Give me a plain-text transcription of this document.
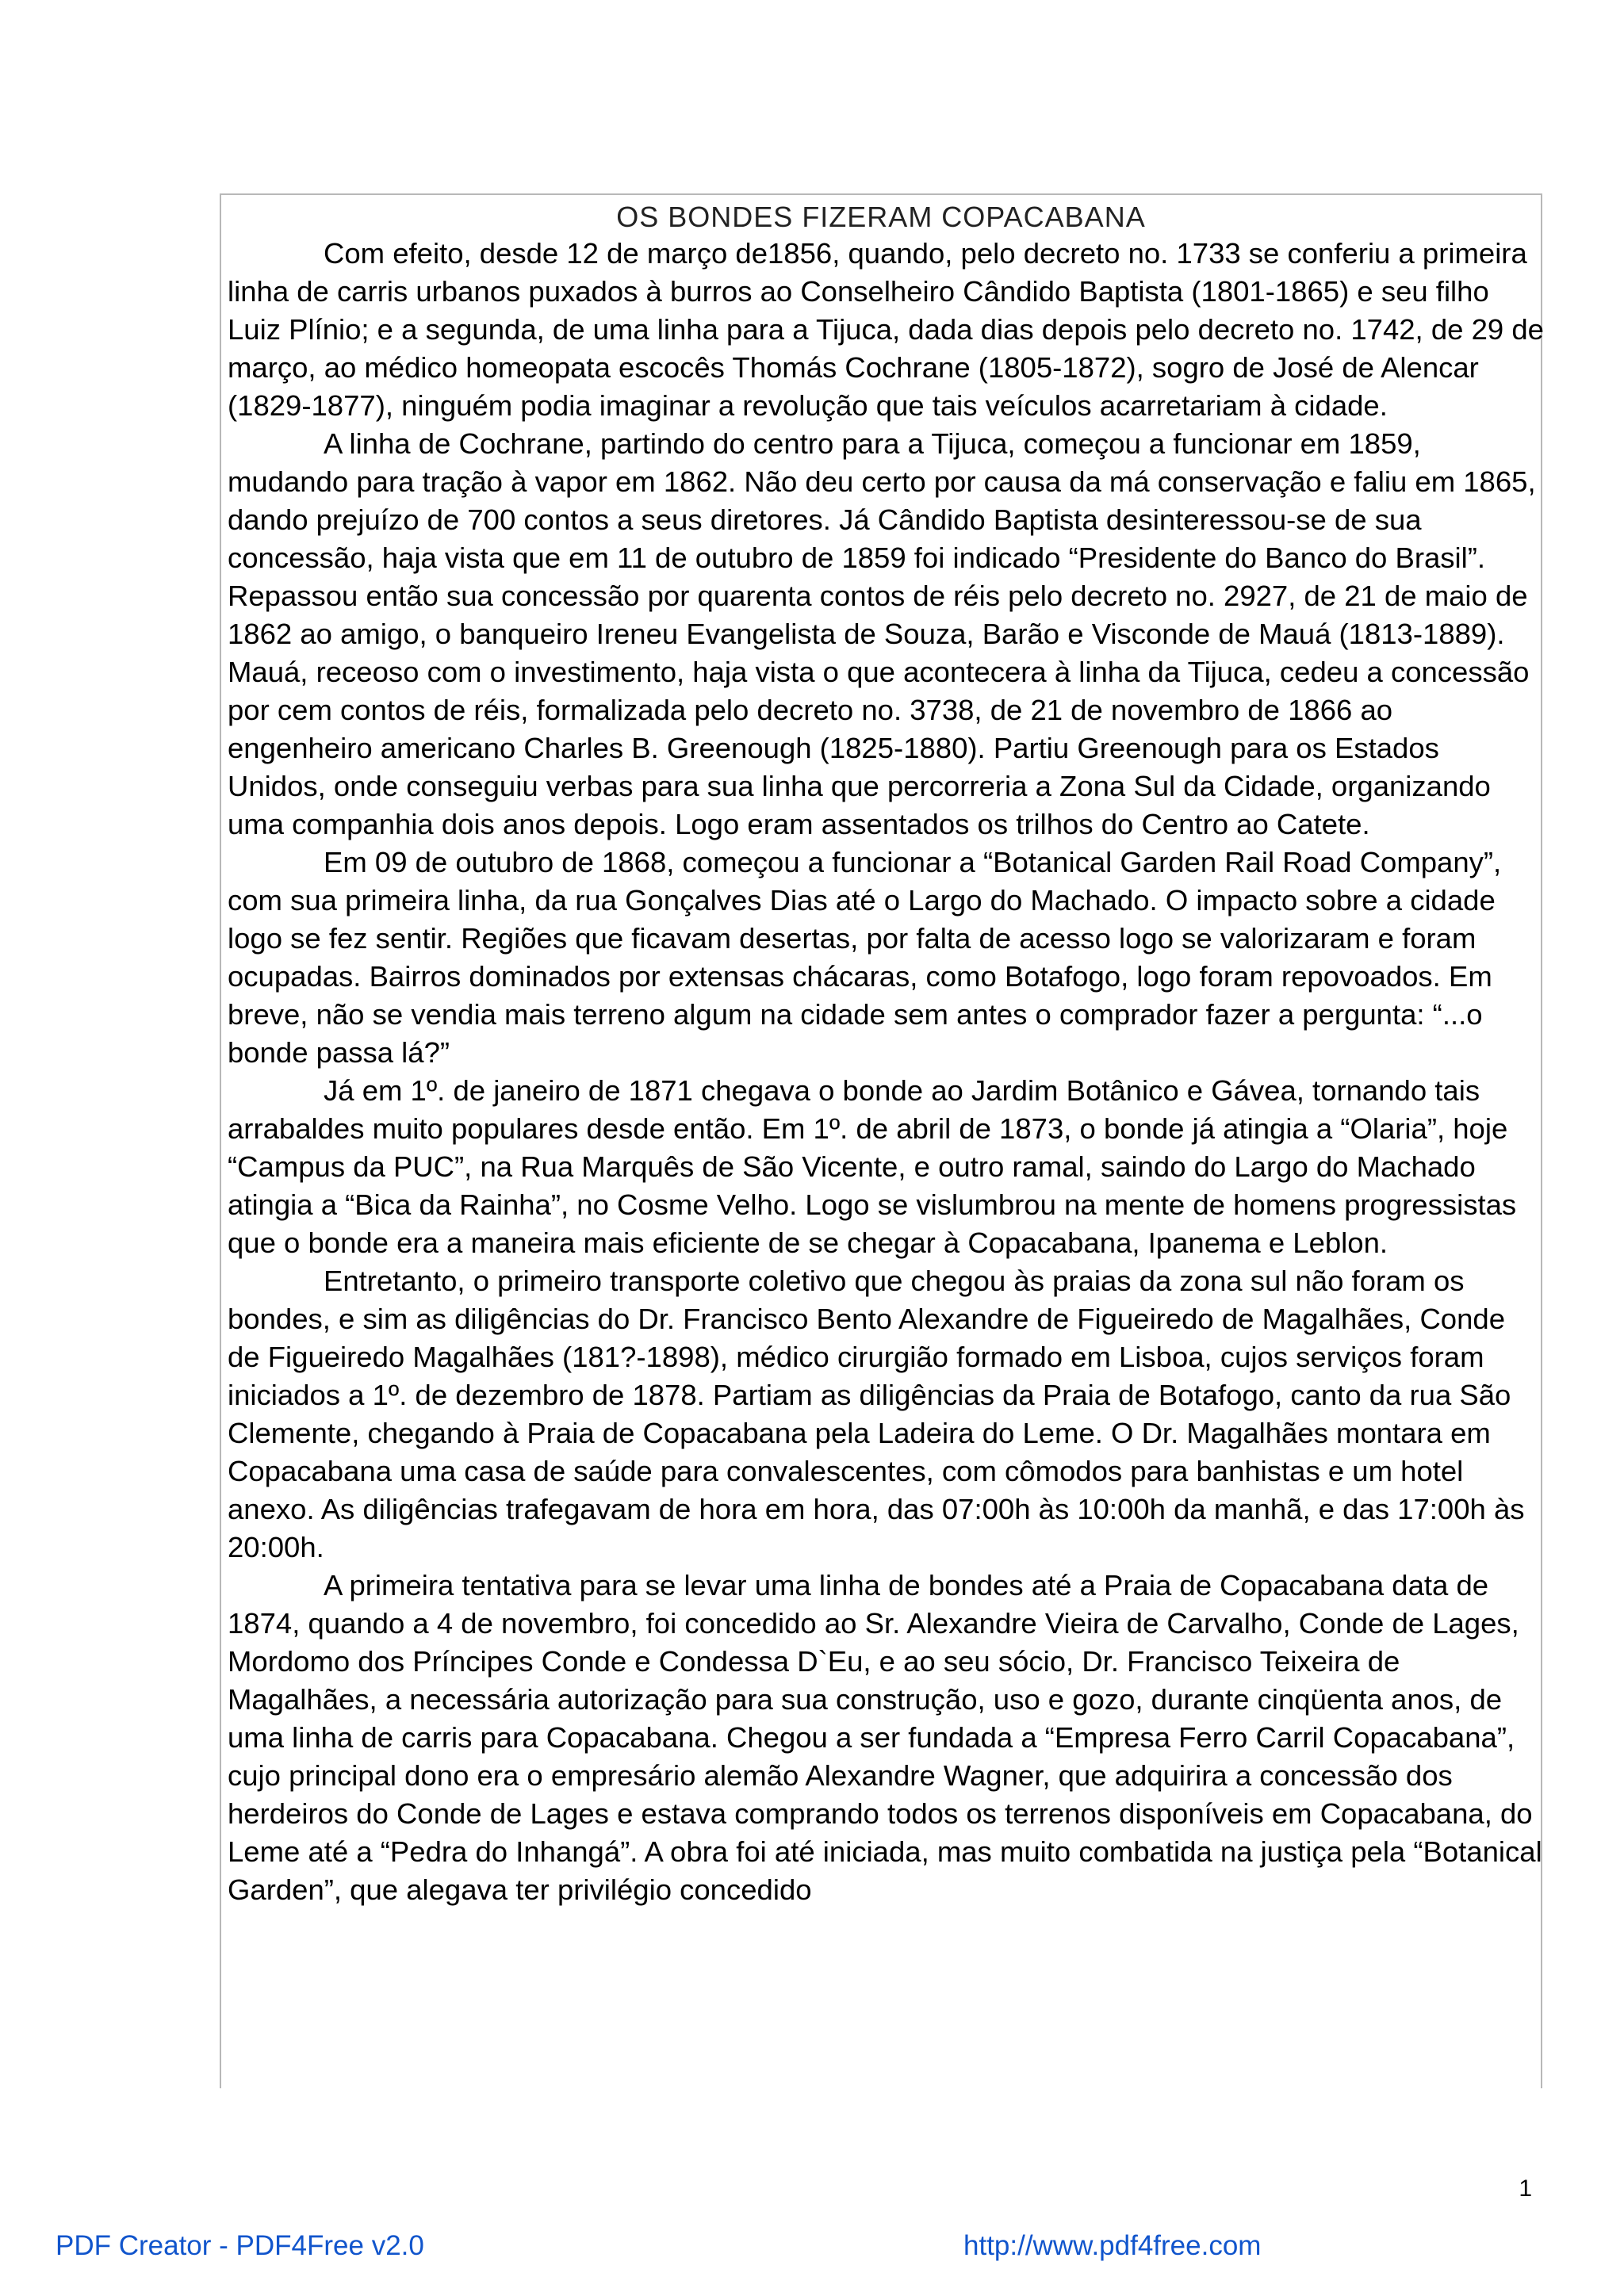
OS BONDES FIZERAM COPACABANA

Com efeito, desde 12 de março de1856, quando, pelo decreto no. 1733 se conferiu a primeira linha de carris urbanos puxados à burros ao Conselheiro Cândido Baptista (1801-1865) e seu filho Luiz Plínio; e a segunda, de uma linha para a Tijuca, dada dias depois pelo decreto no. 1742, de 29 de março, ao médico homeopata escocês Thomás Cochrane (1805-1872), sogro de José de Alencar (1829-1877), ninguém podia imaginar a revolução que tais veículos acarretariam à cidade.

A linha de Cochrane, partindo do centro para a Tijuca, começou a funcionar em 1859, mudando para tração à vapor em 1862. Não deu certo por causa da má conservação e faliu em 1865, dando prejuízo de 700 contos a seus diretores. Já Cândido Baptista desinteressou-se de sua concessão, haja vista que em 11 de outubro de 1859 foi indicado “Presidente do Banco do Brasil”. Repassou então sua concessão por quarenta contos de réis pelo decreto no. 2927, de 21 de maio de 1862 ao amigo, o banqueiro Ireneu Evangelista de Souza, Barão e Visconde de Mauá (1813-1889). Mauá, receoso com o investimento, haja vista o que acontecera à linha da Tijuca, cedeu a concessão por cem contos de réis, formalizada pelo decreto no. 3738, de 21 de novembro de 1866 ao engenheiro americano Charles B. Greenough (1825-1880). Partiu Greenough para os Estados Unidos, onde conseguiu verbas para sua linha que percorreria a Zona Sul da Cidade, organizando uma companhia dois anos depois. Logo eram assentados os trilhos do Centro ao Catete.

Em 09 de outubro de 1868, começou a funcionar a “Botanical Garden Rail Road Company”, com sua primeira linha, da rua Gonçalves Dias até o Largo do Machado. O impacto sobre a cidade logo se fez sentir. Regiões que ficavam desertas, por falta de acesso logo se valorizaram e foram ocupadas. Bairros dominados por extensas chácaras, como Botafogo, logo foram repovoados. Em breve, não se vendia mais terreno algum na cidade sem antes o comprador fazer a pergunta: “...o bonde passa lá?”

Já em 1º. de janeiro de 1871 chegava o bonde ao Jardim Botânico e Gávea, tornando tais arrabaldes muito populares desde então. Em 1º. de abril de 1873, o bonde já atingia a “Olaria”, hoje “Campus da PUC”, na Rua Marquês de São Vicente, e outro ramal, saindo do Largo do Machado atingia a “Bica da Rainha”, no Cosme Velho. Logo se vislumbrou na mente de homens progressistas que o bonde era a maneira mais eficiente de se chegar à Copacabana, Ipanema e Leblon.

Entretanto, o primeiro transporte coletivo que chegou às praias da zona sul não foram os bondes, e sim as diligências do Dr. Francisco Bento Alexandre de Figueiredo de Magalhães, Conde de Figueiredo Magalhães (181?-1898), médico cirurgião formado em Lisboa, cujos serviços foram iniciados a 1º. de dezembro de 1878. Partiam as diligências da Praia de Botafogo, canto da rua São Clemente, chegando à Praia de Copacabana pela Ladeira do Leme. O Dr. Magalhães montara em Copacabana uma casa de saúde para convalescentes, com cômodos para banhistas e um hotel anexo. As diligências trafegavam de hora em hora, das 07:00h às 10:00h da manhã, e das 17:00h às 20:00h.

A primeira tentativa para se levar uma linha de bondes até a Praia de Copacabana data de 1874, quando a 4 de novembro, foi concedido ao Sr. Alexandre Vieira de Carvalho, Conde de Lages, Mordomo dos Príncipes Conde e Condessa D`Eu, e ao seu sócio, Dr. Francisco Teixeira de Magalhães, a necessária autorização para sua construção, uso e gozo, durante cinqüenta anos, de uma linha de carris para Copacabana. Chegou a ser fundada a “Empresa Ferro Carril Copacabana”, cujo principal dono era o empresário alemão Alexandre Wagner, que adquirira a concessão dos herdeiros do Conde de Lages e estava comprando todos os terrenos disponíveis em Copacabana, do Leme até a “Pedra do Inhangá”. A obra foi até iniciada, mas muito combatida na justiça pela “Botanical Garden”, que alegava ter privilégio concedido

1
PDF Creator - PDF4Free v2.0	http://www.pdf4free.com
